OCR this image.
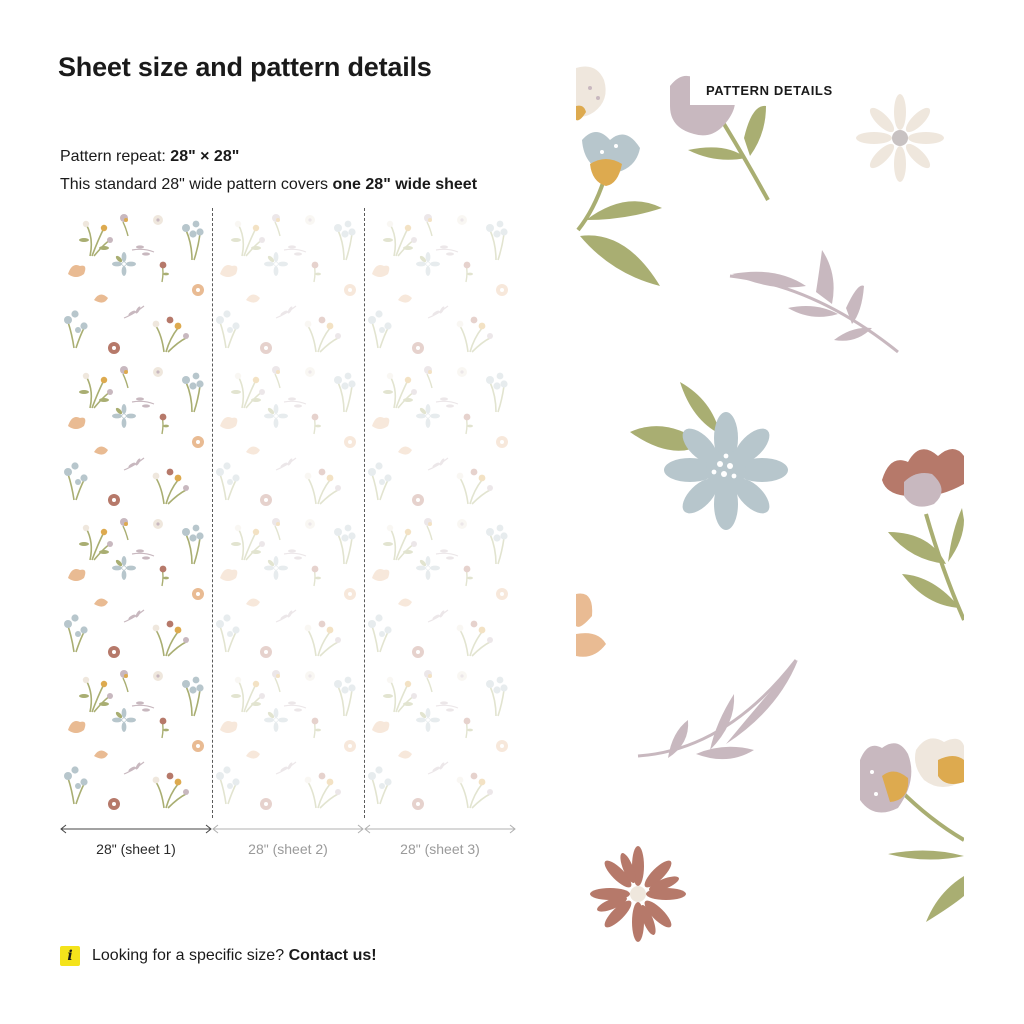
Sheet size and pattern details
Pattern repeat: 28" × 28"
This standard 28" wide pattern covers one 28" wide sheet
28" (sheet 1)	28" (sheet 2)	28" (sheet 3)
i	Looking for a specific size? Contact us!
PATTERN DETAILS
